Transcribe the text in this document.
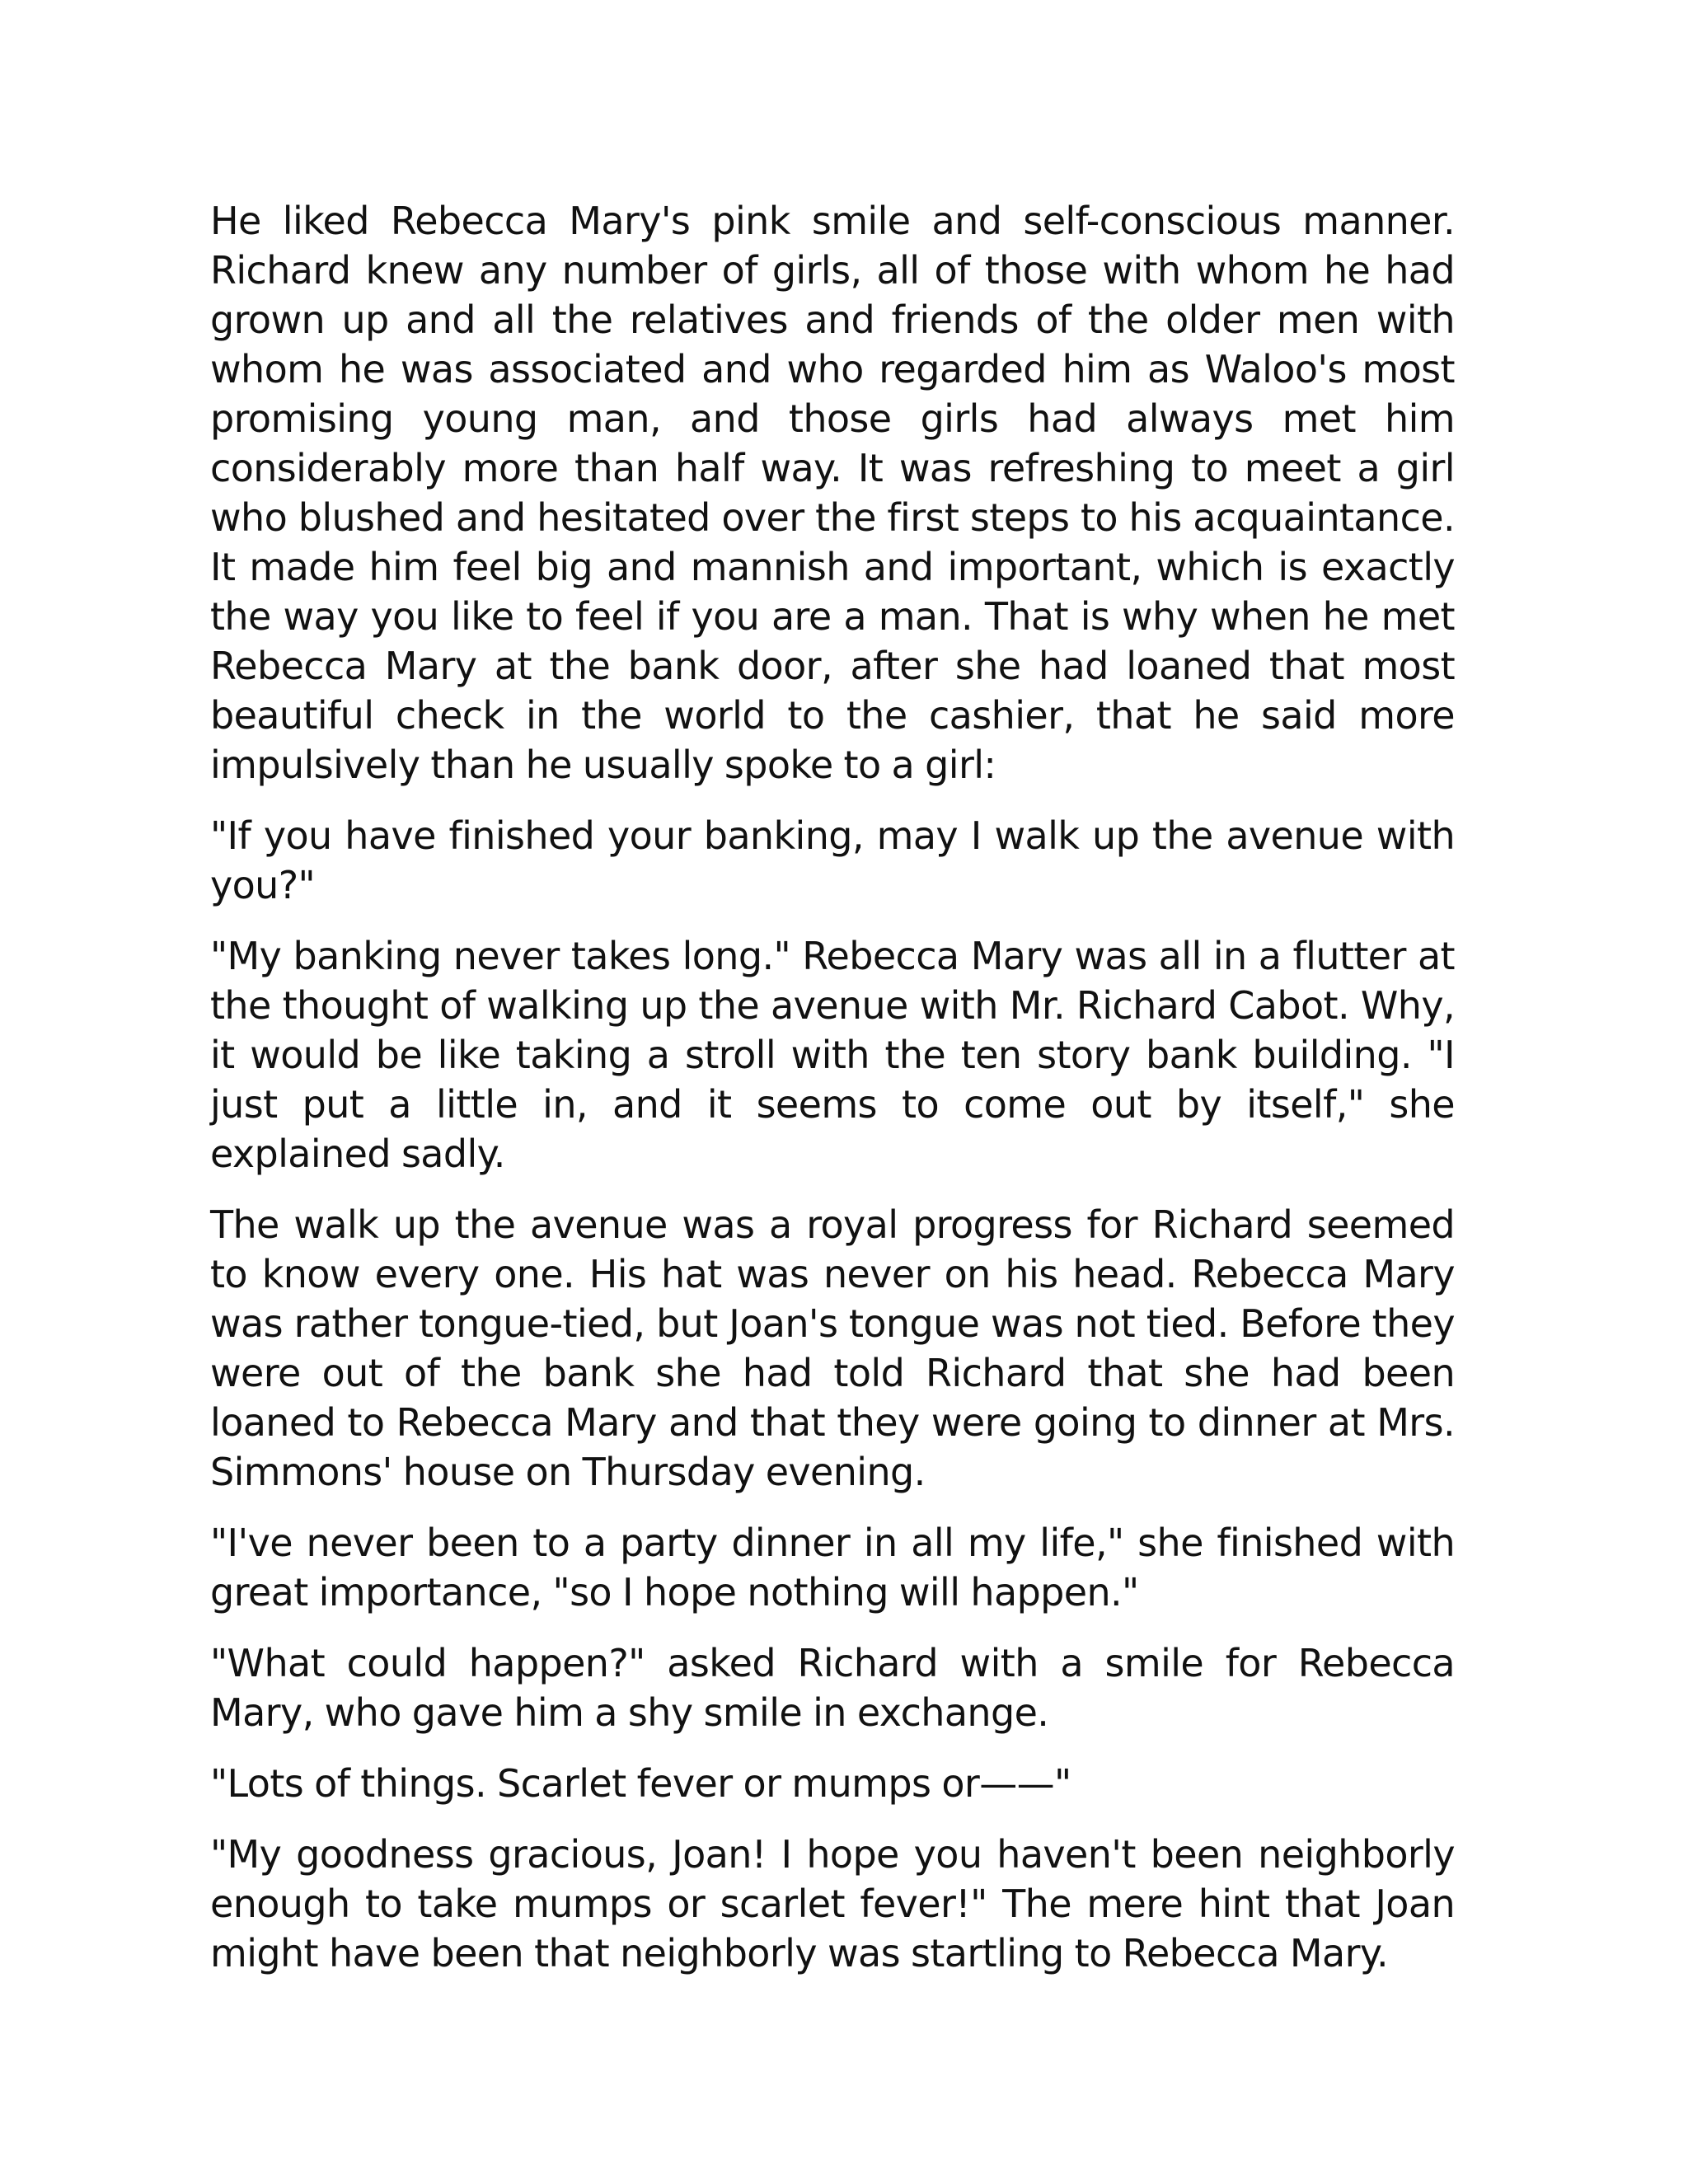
He liked Rebecca Mary's pink smile and self-conscious manner. Richard knew any number of girls, all of those with whom he had grown up and all the relatives and friends of the older men with whom he was associated and who regarded him as Waloo's most promising young man, and those girls had always met him considerably more than half way. It was refreshing to meet a girl who blushed and hesitated over the first steps to his acquaintance. It made him feel big and mannish and important, which is exactly the way you like to feel if you are a man. That is why when he met Rebecca Mary at the bank door, after she had loaned that most beautiful check in the world to the cashier, that he said more impulsively than he usually spoke to a girl:

"If you have finished your banking, may I walk up the avenue with you?"

"My banking never takes long." Rebecca Mary was all in a flutter at the thought of walking up the avenue with Mr. Richard Cabot. Why, it would be like taking a stroll with the ten story bank building. "I just put a little in, and it seems to come out by itself," she explained sadly.

The walk up the avenue was a royal progress for Richard seemed to know every one. His hat was never on his head. Rebecca Mary was rather tongue-tied, but Joan's tongue was not tied. Before they were out of the bank she had told Richard that she had been loaned to Rebecca Mary and that they were going to dinner at Mrs. Simmons' house on Thursday evening.

"I've never been to a party dinner in all my life," she finished with great importance, "so I hope nothing will happen."

"What could happen?" asked Richard with a smile for Rebecca Mary, who gave him a shy smile in exchange.

"Lots of things. Scarlet fever or mumps or——"

"My goodness gracious, Joan! I hope you haven't been neighborly enough to take mumps or scarlet fever!" The mere hint that Joan might have been that neighborly was startling to Rebecca Mary.
